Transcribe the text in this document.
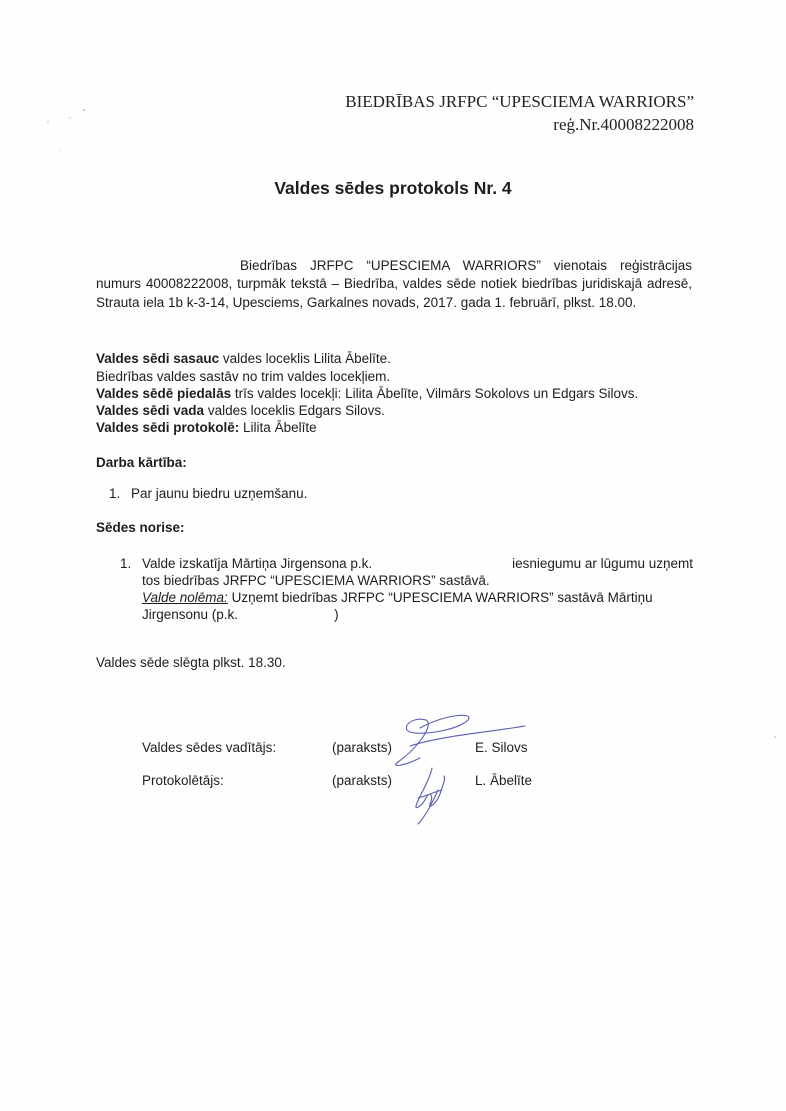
BIEDRĪBAS JRFPC “UPESCIEMA WARRIORS”
reģ.Nr.40008222008
Valdes sēdes protokols Nr. 4

Biedrības JRFPC “UPESCIEMA WARRIORS” vienotais reģistrācijas numurs 40008222008, turpmāk tekstā – Biedrība, valdes sēde notiek biedrības juridiskajā adresē, Strauta iela 1b k-3-14, Upesciems, Garkalnes novads, 2017. gada 1. februārī, plkst. 18.00.

Valdes sēdi sasauc valdes loceklis Lilita Ābelīte.
Biedrības valdes sastāv no trim valdes locekļiem.
Valdes sēdē piedalās trīs valdes locekļi: Lilita Ābelīte, Vilmārs Sokolovs un Edgars Silovs.
Valdes sēdi vada valdes loceklis Edgars Silovs.
Valdes sēdi protokolē: Lilita Ābelīte
Darba kārtība:
1. Par jaunu biedru uzņemšanu.
Sēdes norise:
1. Valde izskatīja Mārtiņa Jirgensona p.k.	iesniegumu ar lūgumu uzņemt
tos biedrības JRFPC “UPESCIEMA WARRIORS” sastāvā.
Valde nolēma: Uzņemt biedrības JRFPC “UPESCIEMA WARRIORS” sastāvā Mārtiņu
Jirgensonu (p.k.	)
Valdes sēde slēgta plkst. 18.30.
Valdes sēdes vadītājs:	(paraksts)	E. Silovs
Protokolētājs:	(paraksts)	L. Ābelīte
